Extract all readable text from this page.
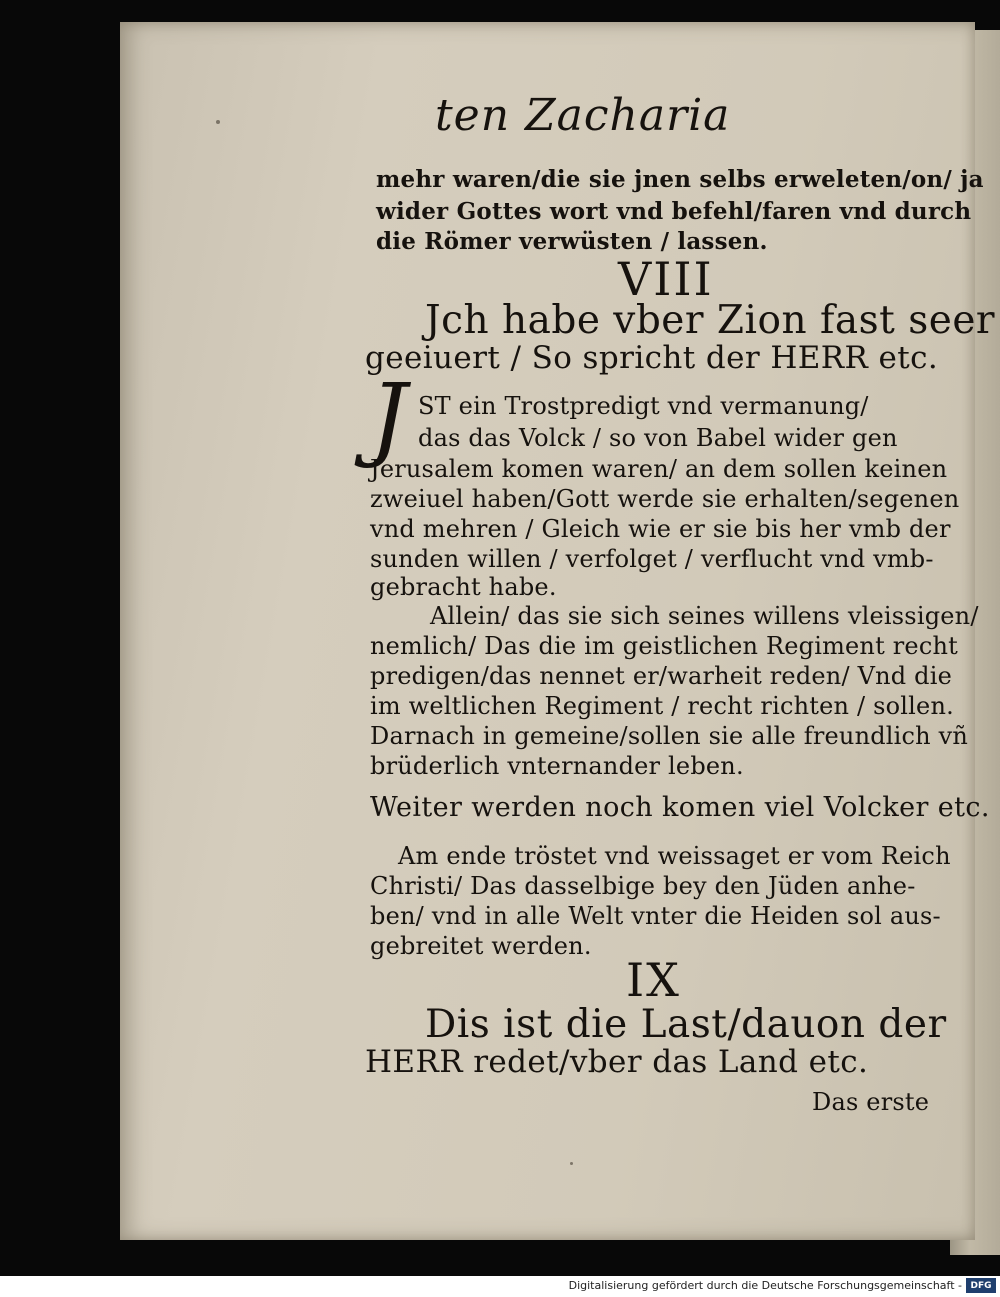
ten Zacharia
mehr waren/die sie jnen selbs erweleten/on/ ja
wider Gottes wort vnd befehl/faren vnd durch
die Römer verwüsten / lassen.
VIII
Jch habe vber Zion fast seer
geeiuert / So spricht der HERR etc.
J ST ein Trostpredigt vnd vermanung/
das das Volck / so von Babel wider gen
Jerusalem komen waren/ an dem sollen keinen
zweiuel haben/Gott werde sie erhalten/segenen
vnd mehren / Gleich wie er sie bis her vmb der
sunden willen / verfolget / verflucht vnd vmb-
gebracht habe.
Allein/ das sie sich seines willens vleissigen/
nemlich/ Das die im geistlichen Regiment recht
predigen/das nennet er/warheit reden/ Vnd die
im weltlichen Regiment / recht richten / sollen.
Darnach in gemeine/sollen sie alle freundlich vñ
brüderlich vnternander leben.
Weiter werden noch komen viel Volcker etc.
Am ende tröstet vnd weissaget er vom Reich
Christi/ Das dasselbige bey den Jüden anhe-
ben/ vnd in alle Welt vnter die Heiden sol aus-
gebreitet werden.
IX
Dis ist die Last/dauon der
HERR redet/vber das Land etc.
Das erste
Digitalisierung gefördert durch die Deutsche Forschungsgemeinschaft - DFG
